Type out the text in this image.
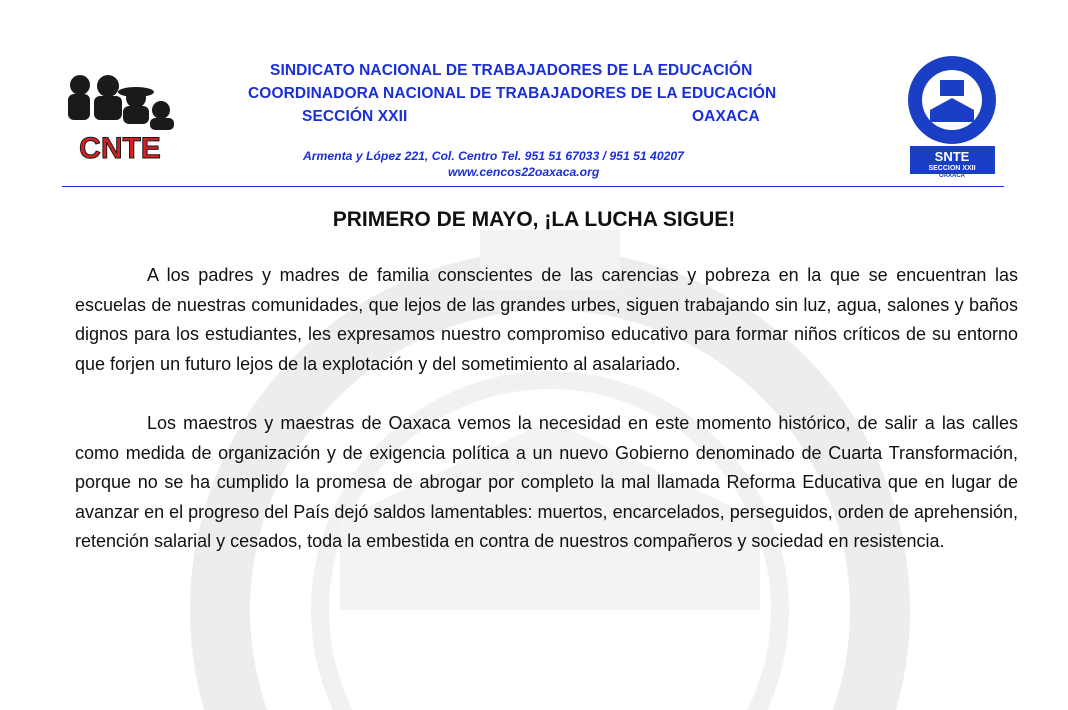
CNTE	SNTE
SECCION XXII
OAXACA
SINDICATO NACIONAL DE TRABAJADORES DE LA EDUCACIÓN
COORDINADORA NACIONAL DE TRABAJADORES DE LA EDUCACIÓN
SECCIÓN XXII	OAXACA
Armenta y López 221, Col. Centro Tel. 951 51 67033 / 951 51 40207
www.cencos22oaxaca.org
PRIMERO DE MAYO, ¡LA LUCHA SIGUE!

A los padres y madres de familia conscientes de las carencias y pobreza en la que se encuentran las escuelas de nuestras comunidades, que lejos de las grandes urbes, siguen trabajando sin luz, agua, salones y baños dignos para los estudiantes, les expresamos nuestro compromiso educativo para formar niños críticos de su entorno que forjen un futuro lejos de la explotación y del sometimiento al asalariado.

Los maestros y maestras de Oaxaca vemos la necesidad en este momento histórico, de salir a las calles como medida de organización y de exigencia política a un nuevo Gobierno denominado de Cuarta Transformación, porque no se ha cumplido la promesa de abrogar por completo la mal llamada Reforma Educativa que en lugar de avanzar en el progreso del País dejó saldos lamentables: muertos, encarcelados, perseguidos, orden de aprehensión, retención salarial y cesados, toda la embestida en contra de nuestros compañeros y sociedad en resistencia.
